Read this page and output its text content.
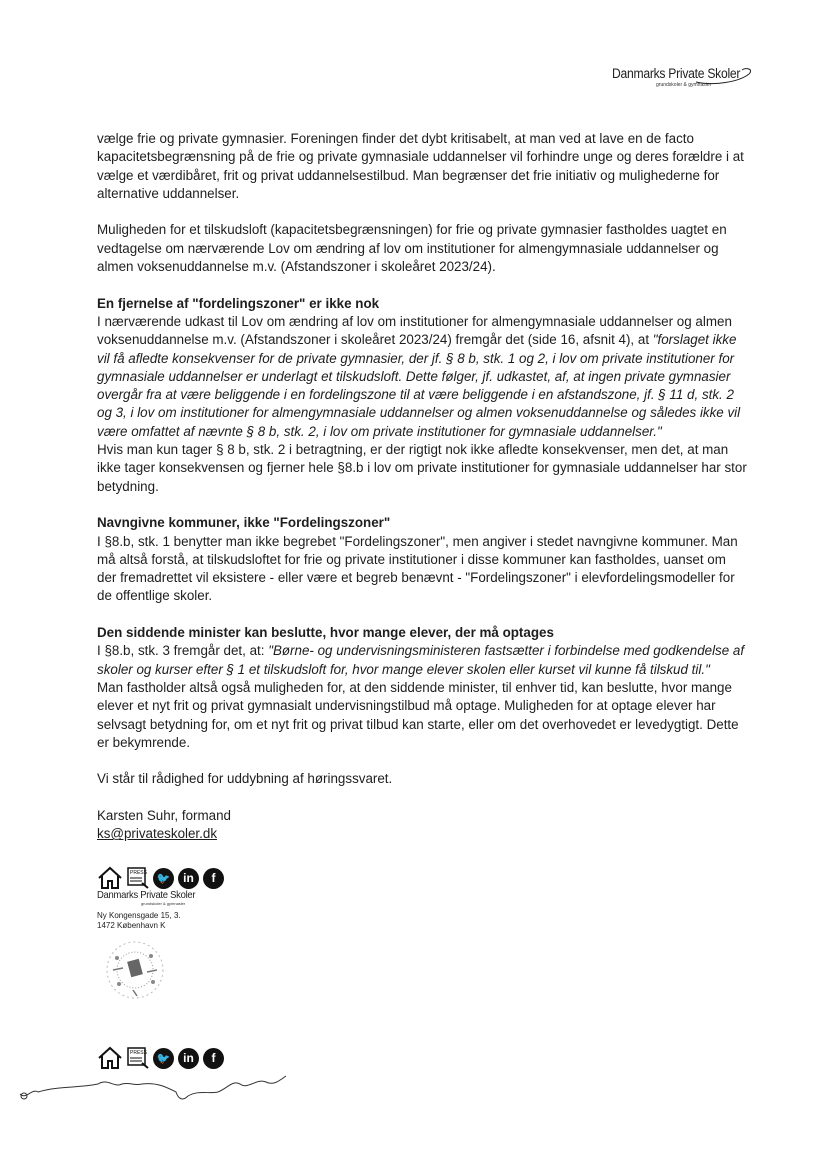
Danmarks Private Skoler
grundskoler & gymnasier

vælge frie og private gymnasier. Foreningen finder det dybt kritisabelt, at man ved at lave en de facto kapacitetsbegrænsning på de frie og private gymnasiale uddannelser vil forhindre unge og deres forældre i at vælge et værdibåret, frit og privat uddannelsestilbud. Man begrænser det frie initiativ og mulighederne for alternative uddannelser.

Muligheden for et tilskudsloft (kapacitetsbegrænsningen) for frie og private gymnasier fastholdes uagtet en vedtagelse om nærværende Lov om ændring af lov om institutioner for almengymnasiale uddannelser og almen voksenuddannelse m.v. (Afstandszoner i skoleåret 2023/24).

En fjernelse af "fordelingszoner" er ikke nok
I nærværende udkast til Lov om ændring af lov om institutioner for almengymnasiale uddannelser og almen voksenuddannelse m.v. (Afstandszoner i skoleåret 2023/24) fremgår det (side 16, afsnit 4), at "forslaget ikke vil få afledte konsekvenser for de private gymnasier, der jf. § 8 b, stk. 1 og 2, i lov om private institutioner for gymnasiale uddannelser er underlagt et tilskudsloft. Dette følger, jf. udkastet, af, at ingen private gymnasier overgår fra at være beliggende i en fordelingszone til at være beliggende i en afstandszone, jf. § 11 d, stk. 2 og 3, i lov om institutioner for almengymnasiale uddannelser og almen voksenuddannelse og således ikke vil være omfattet af nævnte § 8 b, stk. 2, i lov om private institutioner for gymnasiale uddannelser."
Hvis man kun tager § 8 b, stk. 2 i betragtning, er der rigtigt nok ikke afledte konsekvenser, men det, at man ikke tager konsekvensen og fjerner hele §8.b i lov om private institutioner for gymnasiale uddannelser har stor betydning.

Navngivne kommuner, ikke "Fordelingszoner"
I §8.b, stk. 1 benytter man ikke begrebet "Fordelingszoner", men angiver i stedet navngivne kommuner. Man må altså forstå, at tilskudsloftet for frie og private institutioner i disse kommuner kan fastholdes, uanset om der fremadrettet vil eksistere - eller være et begreb benævnt - "Fordelingszoner" i elevfordelingsmodeller for de offentlige skoler.

Den siddende minister kan beslutte, hvor mange elever, der må optages
I §8.b, stk. 3 fremgår det, at: "Børne- og undervisningsministeren fastsætter i forbindelse med godkendelse af skoler og kurser efter § 1 et tilskudsloft for, hvor mange elever skolen eller kurset vil kunne få tilskud til."
Man fastholder altså også muligheden for, at den siddende minister, til enhver tid, kan beslutte, hvor mange elever et nyt frit og privat gymnasialt undervisningstilbud må optage. Muligheden for at optage elever har selvsagt betydning for, om et nyt frit og privat tilbud kan starte, eller om det overhovedet er levedygtigt. Dette er bekymrende.

Vi står til rådighed for uddybning af høringssvaret.

Karsten Suhr, formand
ks@privateskoler.dk

PRESS 🐦	in	f
Danmarks Private Skoler
grundskoler & gymnasier
Ny Kongensgade 15, 3.
1472 København K
PRESS 🐦	in	f
